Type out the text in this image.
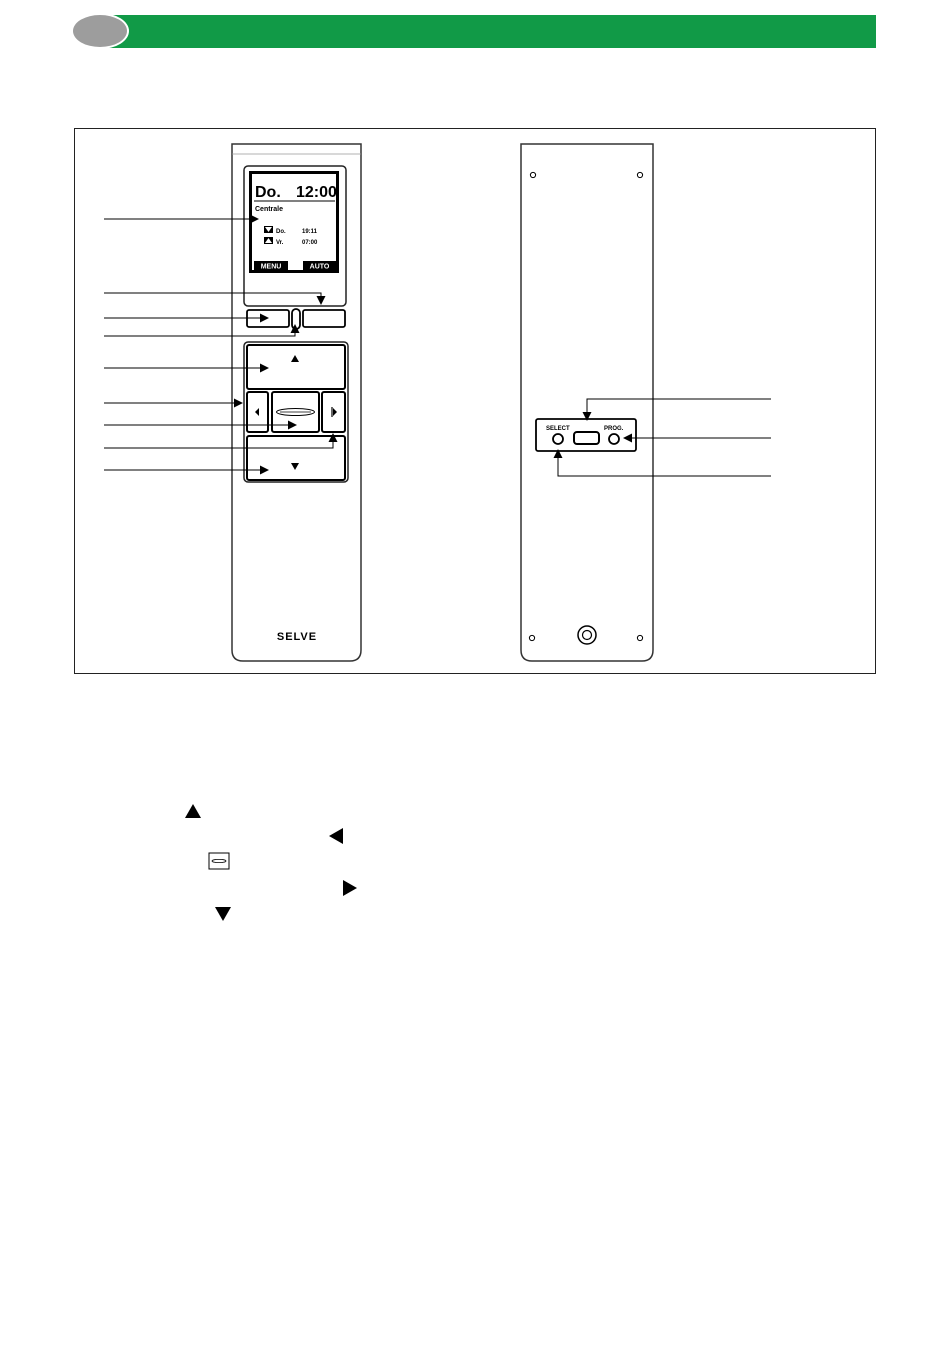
Do. 12:00
Centrale
Do.	19:11
Vr.	07:00
MENU	AUTO
SELVE
SELECT	PROG.
